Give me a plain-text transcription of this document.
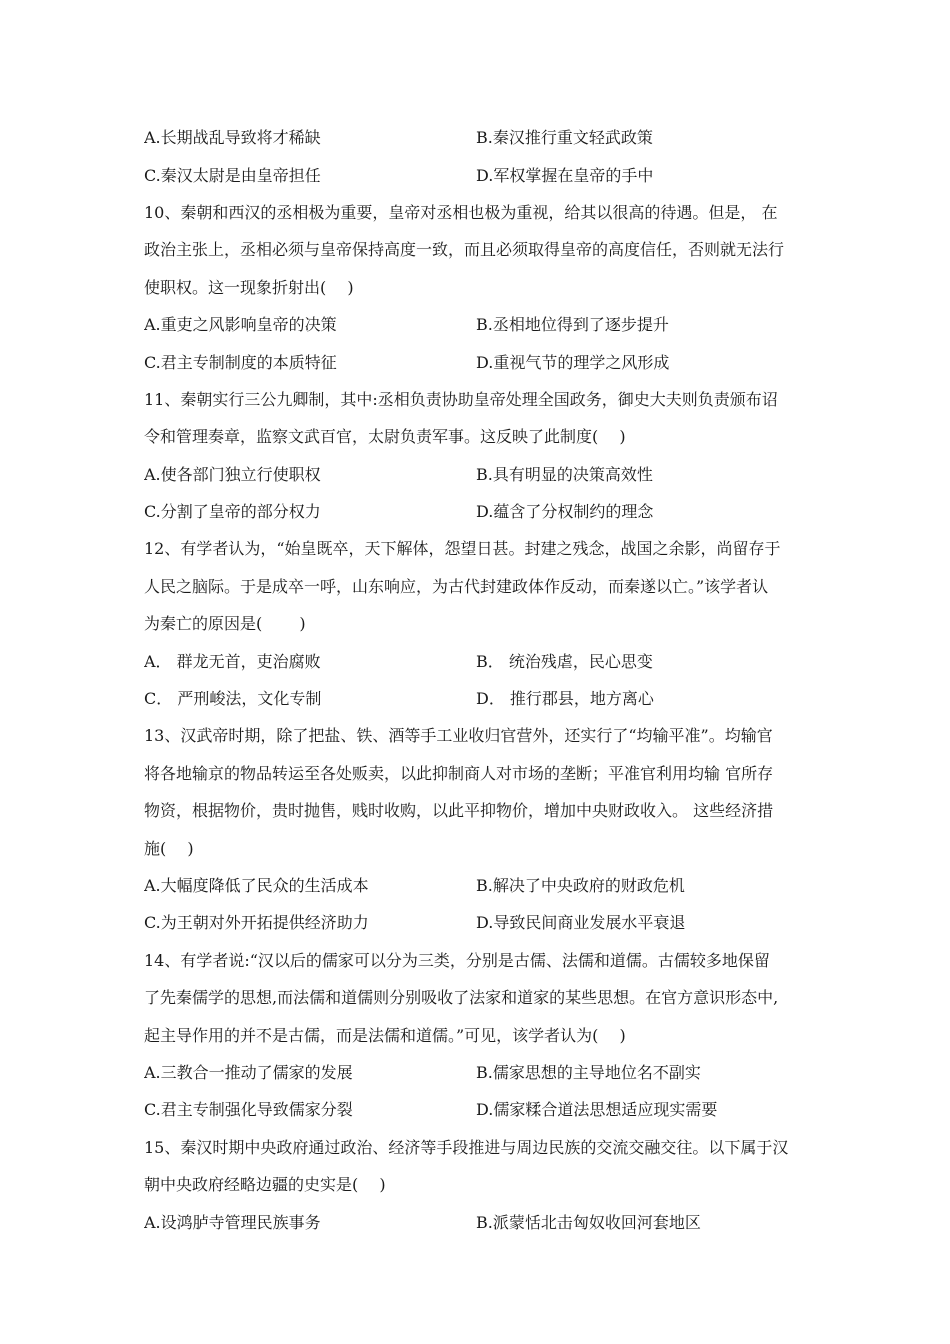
A.长期战乱导致将才稀缺	B.秦汉推行重文轻武政策
C.秦汉太尉是由皇帝担任	D.军权掌握在皇帝的手中
10、秦朝和西汉的丞相极为重要，皇帝对丞相也极为重视，给其以很高的待遇。但是， 在
政治主张上，丞相必须与皇帝保持高度一致，而且必须取得皇帝的高度信任，否则就无法行
使职权。这一现象折射出(　 )
A.重吏之风影响皇帝的决策	B.丞相地位得到了逐步提升
C.君主专制制度的本质特征	D.重视气节的理学之风形成
11、秦朝实行三公九卿制，其中:丞相负责协助皇帝处理全国政务，御史大夫则负责颁布诏
令和管理奏章，监察文武百官，太尉负责军事。这反映了此制度(　 )
A.使各部门独立行使职权	B.具有明显的决策高效性
C.分割了皇帝的部分权力	D.蕴含了分权制约的理念
12、有学者认为，“始皇既卒，天下解体，怨望日甚。封建之残念，战国之余影，尚留存于
人民之脑际。于是成卒一呼，山东响应，为古代封建政体作反动，而秦遂以亡。”该学者认
为秦亡的原因是(　　 )
A． 群龙无首，吏治腐败	B． 统治残虐，民心思变
C． 严刑峻法，文化专制	D． 推行郡县，地方离心
13、汉武帝时期，除了把盐、铁、酒等手工业收归官营外，还实行了“均输平准”。均输官
将各地输京的物品转运至各处贩卖，以此抑制商人对市场的垄断；平准官利用均输 官所存
物资，根据物价，贵时抛售，贱时收购，以此平抑物价，增加中央财政收入。 这些经济措
施(　 )
A.大幅度降低了民众的生活成本	B.解决了中央政府的财政危机
C.为王朝对外开拓提供经济助力	D.导致民间商业发展水平衰退
14、有学者说:“汉以后的儒家可以分为三类，分别是古儒、法儒和道儒。古儒较多地保留
了先秦儒学的思想,而法儒和道儒则分别吸收了法家和道家的某些思想。在官方意识形态中,
起主导作用的并不是古儒，而是法儒和道儒。”可见，该学者认为(　 )
A.三教合一推动了儒家的发展	B.儒家思想的主导地位名不副实
C.君主专制强化导致儒家分裂	D.儒家糅合道法思想适应现实需要
15、秦汉时期中央政府通过政治、经济等手段推进与周边民族的交流交融交往。以下属于汉
朝中央政府经略边疆的史实是(　 )
A.设鸿胪寺管理民族事务	B.派蒙恬北击匈奴收回河套地区
